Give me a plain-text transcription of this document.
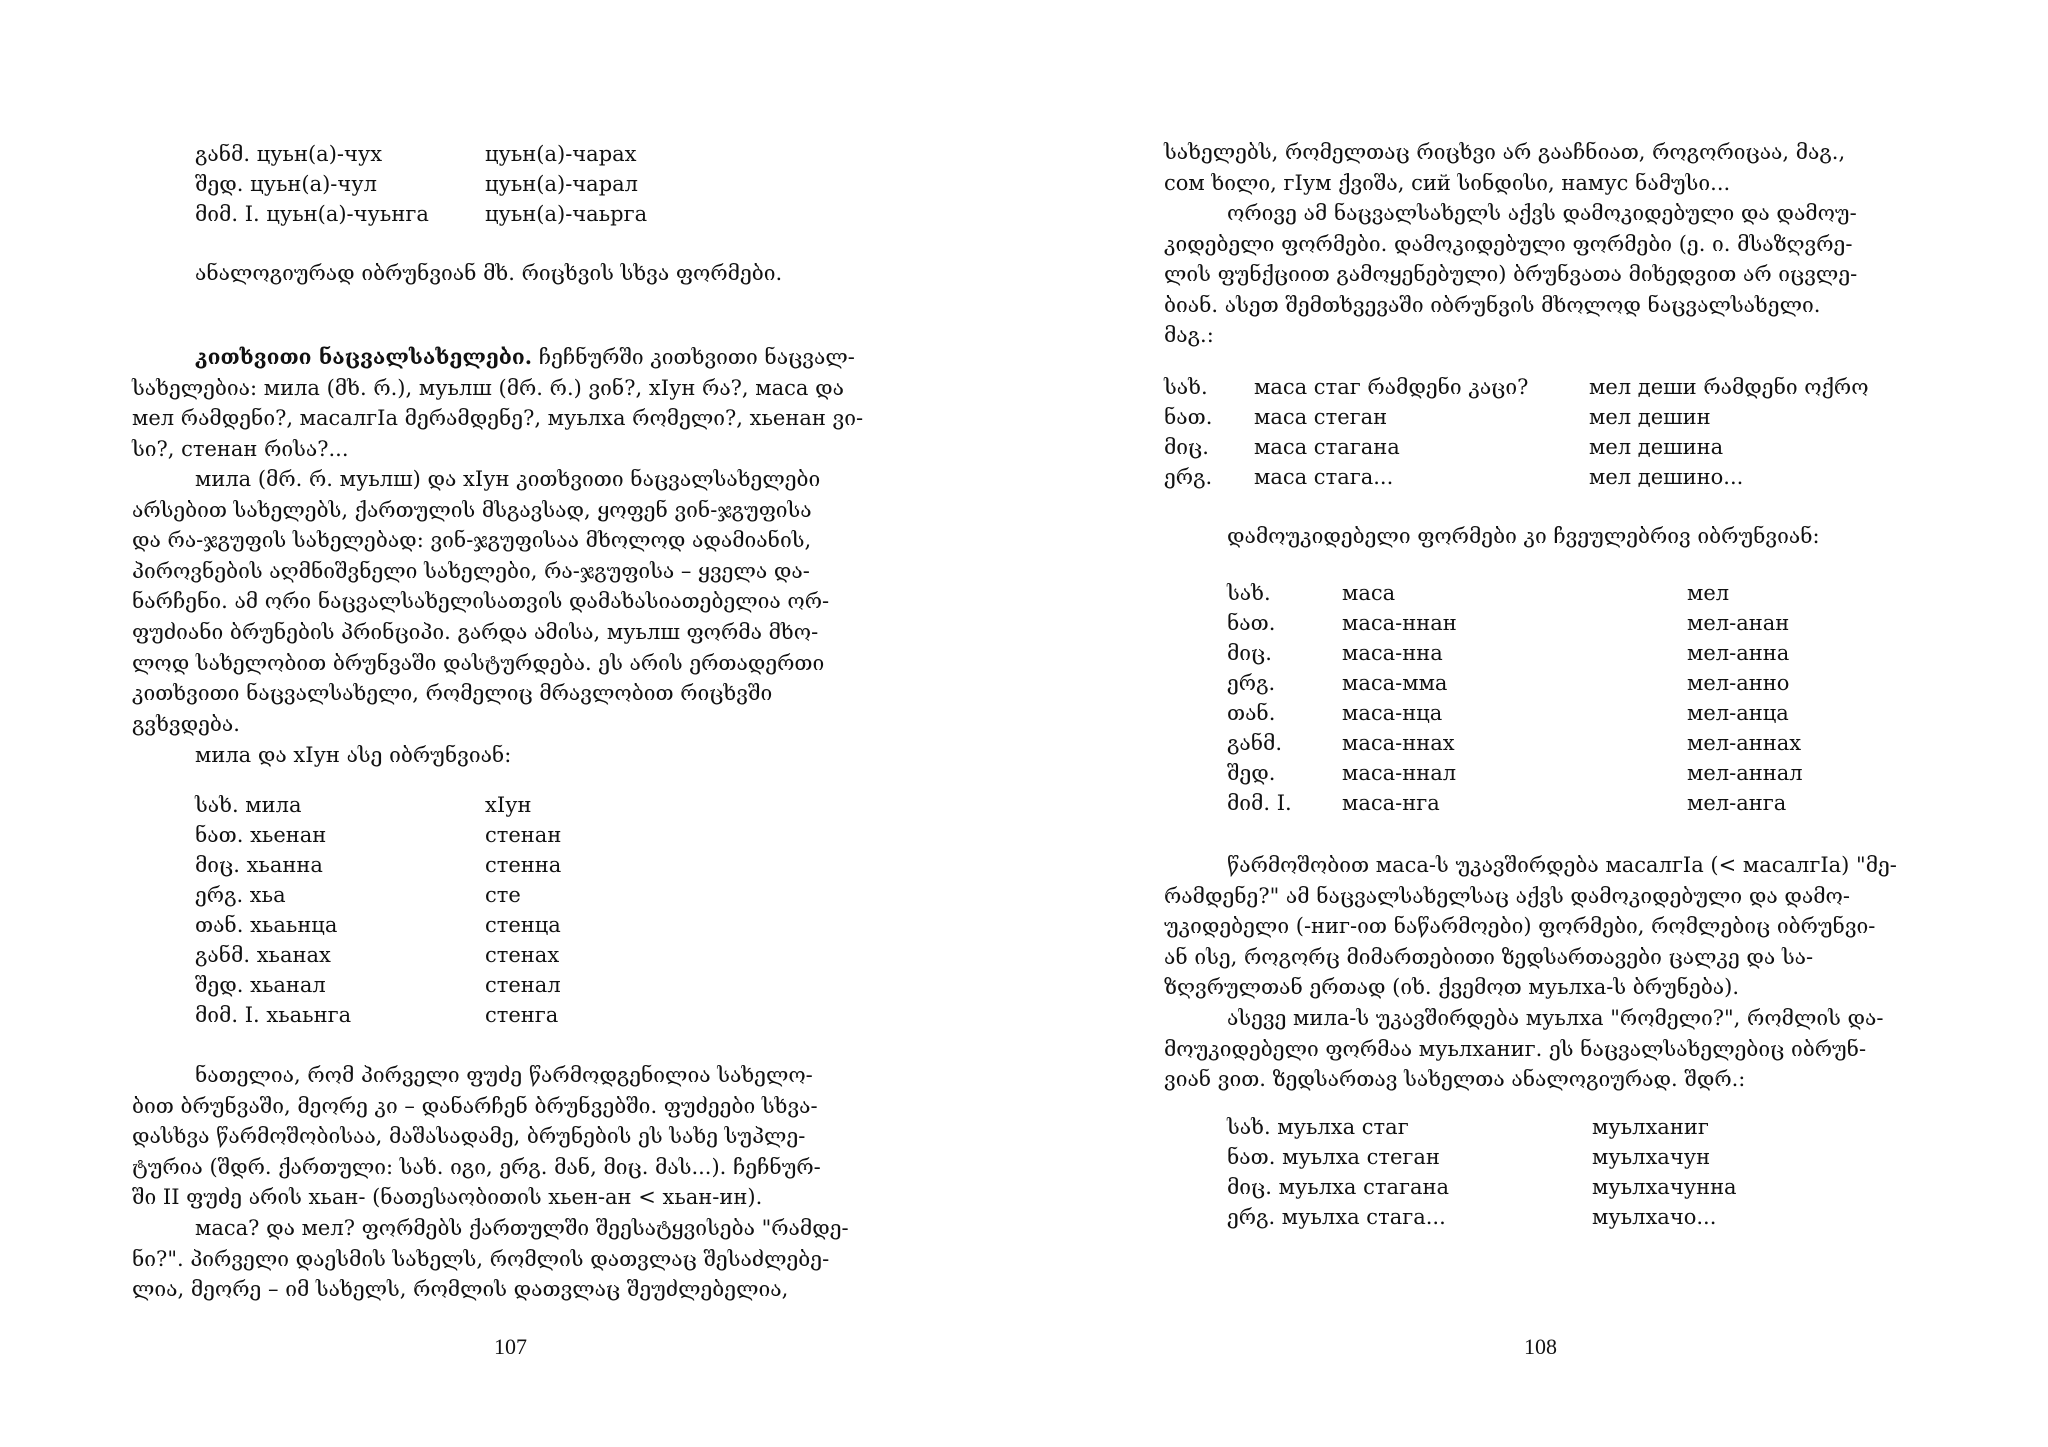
განმ. цуьн(а)-чух	цуьн(а)-чарах
შედ. цуьн(а)-чул	цуьн(а)-чарал
მიმ. I. цуьн(а)-чуьнга	цуьн(а)-чаьрга

ანალოგიურად იბრუნვიან მხ. რიცხვის სხვა ფორმები.

კითხვითი ნაცვალსახელები. ჩეჩნურში კითხვითი ნაცვალ-
სახელებია: мила (მხ. რ.), муьлш (მრ. რ.) ვინ?, хIун რა?, маса და
мел რამდენი?, масалгIа მერამდენე?, муьлха რომელი?, хьенан ვი-
სი?, стенан რისა?...
мила (მრ. რ. муьлш) და хIун კითხვითი ნაცვალსახელები
არსებით სახელებს, ქართულის მსგავსად, ყოფენ ვინ-ჯგუფისა
და რა-ჯგუფის სახელებად: ვინ-ჯგუფისაა მხოლოდ ადამიანის,
პიროვნების აღმნიშვნელი სახელები, რა-ჯგუფისა – ყველა და-
ნარჩენი. ამ ორი ნაცვალსახელისათვის დამახასიათებელია ორ-
ფუძიანი ბრუნების პრინციპი. გარდა ამისა, муьлш ფორმა მხო-
ლოდ სახელობით ბრუნვაში დასტურდება. ეს არის ერთადერთი
კითხვითი ნაცვალსახელი, რომელიც მრავლობით რიცხვში
გვხვდება.

мила და хIун ასე იბრუნვიან:

სახ. мила	хIун
ნათ. хьенан	стенан
მიც. хьанна	стенна
ერგ. хьа	сте
თან. хьаьнца	стенца
განმ. хьанах	стенах
შედ. хьанал	стенал
მიმ. I. хьаьнга	стенга
ნათელია, რომ პირველი ფუძე წარმოდგენილია სახელო-
ბით ბრუნვაში, მეორე კი – დანარჩენ ბრუნვებში. ფუძეები სხვა-
დასხვა წარმოშობისაა, მაშასადამე, ბრუნების ეს სახე სუპლე-
ტურია (შდრ. ქართული: სახ. იგი, ერგ. მან, მიც. მას...). ჩეჩნურ-
ში II ფუძე არის хьан- (ნათესაობითის хьен-ан < хьан-ин).
маса? და мел? ფორმებს ქართულში შეესატყვისება "რამდე-
ნი?". პირველი დაესმის სახელს, რომლის დათვლაც შესაძლებე-
ლია, მეორე – იმ სახელს, რომლის დათვლაც შეუძლებელია,
107
სახელებს, რომელთაც რიცხვი არ გააჩნიათ, როგორიცაა, მაგ.,
сом ხილი, гIум ქვიშა, сий სინდისი, намус ნამუსი...
ორივე ამ ნაცვალსახელს აქვს დამოკიდებული და დამოუ-
კიდებელი ფორმები. დამოკიდებული ფორმები (ე. ი. მსაზღვრე-
ლის ფუნქციით გამოყენებული) ბრუნვათა მიხედვით არ იცვლე-
ბიან. ასეთ შემთხვევაში იბრუნვის მხოლოდ ნაცვალსახელი.
მაგ.:
სახ. маса стаг რამდენი კაცი?	мел деши რამდენი ოქრო
ნათ. маса стеган	мел дешин
მიც. маса стагана	мел дешина
ერგ. маса стага...	мел дешино...

დამოუკიდებელი ფორმები კი ჩვეულებრივ იბრუნვიან:

სახ.	маса	мел
ნათ.	маса-ннан	мел-анан
მიც.	маса-нна	мел-анна
ერგ.	маса-мма	мел-анно
თან.	маса-нца	мел-анца
განმ.	маса-ннах	мел-аннах
შედ.	маса-ннал	мел-аннал
მიმ. I. маса-нга	мел-анга
წარმოშობით маса-ს უკავშირდება масалгIа (< масалгIа) "მე-
რამდენე?" ამ ნაცვალსახელსაც აქვს დამოკიდებული და დამო-
უკიდებელი (-ниг-ით ნაწარმოები) ფორმები, რომლებიც იბრუნვი-
ან ისე, როგორც მიმართებითი ზედსართავები ცალკე და სა-
ზღვრულთან ერთად (იხ. ქვემოთ муьлха-ს ბრუნება).
ასევე мила-ს უკავშირდება муьлха "რომელი?", რომლის და-
მოუკიდებელი ფორმაა муьлханиг. ეს ნაცვალსახელებიც იბრუნ-
ვიან ვით. ზედსართავ სახელთა ანალოგიურად. შდრ.:
სახ. муьлха стаг	муьлханиг
ნათ. муьлха стеган	муьлхачун
მიც. муьлха стагана	муьлхачунна
ერგ. муьлха стага...	муьлхачо...
108
